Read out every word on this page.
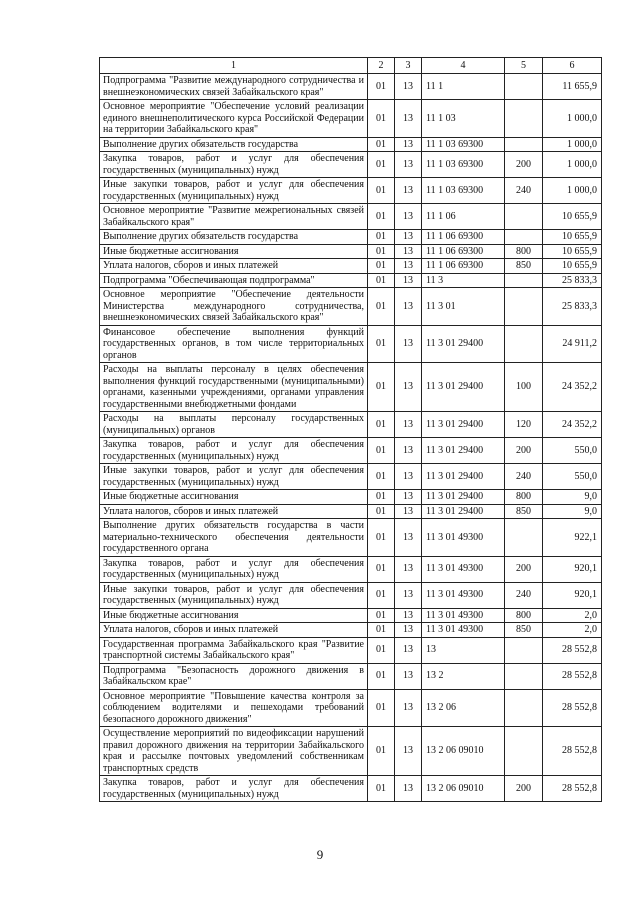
1	2	3	4	5	6
Подпрограмма "Развитие международного сотрудничества и внешнеэкономических связей Забайкальского края"	01	13	11 1		11 655,9
Основное мероприятие "Обеспечение условий реализации единого внешнеполитического курса Российской Федерации на территории Забайкальского края"	01	13	11 1 03		1 000,0
Выполнение других обязательств государства	01	13	11 1 03 69300		1 000,0
Закупка товаров, работ и услуг для обеспечения государственных (муниципальных) нужд	01	13	11 1 03 69300	200	1 000,0
Иные закупки товаров, работ и услуг для обеспечения государственных (муниципальных) нужд	01	13	11 1 03 69300	240	1 000,0
Основное мероприятие "Развитие межрегиональных связей Забайкальского края"	01	13	11 1 06		10 655,9
Выполнение других обязательств государства	01	13	11 1 06 69300		10 655,9
Иные бюджетные ассигнования	01	13	11 1 06 69300	800	10 655,9
Уплата налогов, сборов и иных платежей	01	13	11 1 06 69300	850	10 655,9
Подпрограмма "Обеспечивающая подпрограмма"	01	13	11 3		25 833,3
Основное мероприятие "Обеспечение деятельности Министерства международного сотрудничества, внешнеэкономических связей Забайкальского края"	01	13	11 3 01		25 833,3
Финансовое обеспечение выполнения функций государственных органов, в том числе территориальных органов	01	13	11 3 01 29400		24 911,2
Расходы на выплаты персоналу в целях обеспечения выполнения функций государственными (муниципальными) органами, казенными учреждениями, органами управления государственными внебюджетными фондами	01	13	11 3 01 29400	100	24 352,2
Расходы на выплаты персоналу государственных (муниципальных) органов	01	13	11 3 01 29400	120	24 352,2
Закупка товаров, работ и услуг для обеспечения государственных (муниципальных) нужд	01	13	11 3 01 29400	200	550,0
Иные закупки товаров, работ и услуг для обеспечения государственных (муниципальных) нужд	01	13	11 3 01 29400	240	550,0
Иные бюджетные ассигнования	01	13	11 3 01 29400	800	9,0
Уплата налогов, сборов и иных платежей	01	13	11 3 01 29400	850	9,0
Выполнение других обязательств государства в части материально-технического обеспечения деятельности государственного органа	01	13	11 3 01 49300		922,1
Закупка товаров, работ и услуг для обеспечения государственных (муниципальных) нужд	01	13	11 3 01 49300	200	920,1
Иные закупки товаров, работ и услуг для обеспечения государственных (муниципальных) нужд	01	13	11 3 01 49300	240	920,1
Иные бюджетные ассигнования	01	13	11 3 01 49300	800	2,0
Уплата налогов, сборов и иных платежей	01	13	11 3 01 49300	850	2,0
Государственная программа Забайкальского края "Развитие транспортной системы Забайкальского края"	01	13	13		28 552,8
Подпрограмма "Безопасность дорожного движения в Забайкальском крае"	01	13	13 2		28 552,8
Основное мероприятие "Повышение качества контроля за соблюдением водителями и пешеходами требований безопасного дорожного движения"	01	13	13 2 06		28 552,8
Осуществление мероприятий по видеофиксации нарушений правил дорожного движения на территории Забайкальского края и рассылке почтовых уведомлений собственникам транспортных средств	01	13	13 2 06 09010		28 552,8
Закупка товаров, работ и услуг для обеспечения государственных (муниципальных) нужд	01	13	13 2 06 09010	200	28 552,8
9
